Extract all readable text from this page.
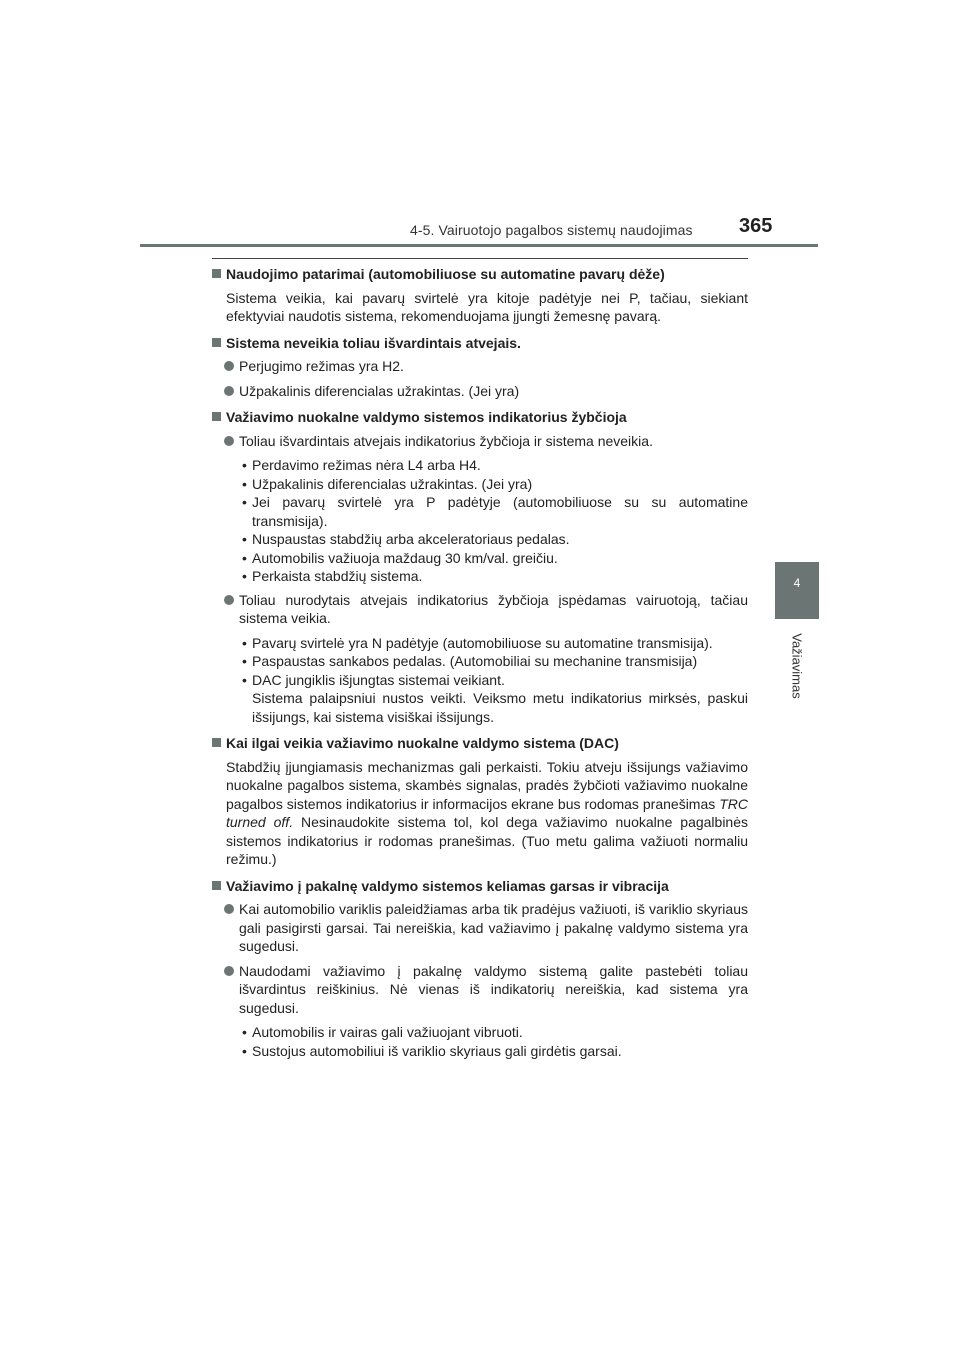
4-5. Vairuotojo pagalbos sistemų naudojimas 365
4
Važiavimas
Naudojimo patarimai (automobiliuose su automatine pavarų dėže)
Sistema veikia, kai pavarų svirtelė yra kitoje padėtyje nei P, tačiau, siekiant efektyviai naudotis sistema, rekomenduojama įjungti žemesnę pavarą.
Sistema neveikia toliau išvardintais atvejais.
Perjugimo režimas yra H2.
Užpakalinis diferencialas užrakintas. (Jei yra)
Važiavimo nuokalne valdymo sistemos indikatorius žybčioja
Toliau išvardintais atvejais indikatorius žybčioja ir sistema neveikia.
• Perdavimo režimas nėra L4 arba H4.
• Užpakalinis diferencialas užrakintas. (Jei yra)
• Jei pavarų svirtelė yra P padėtyje (automobiliuose su su automatine transmisija).
• Nuspaustas stabdžių arba akceleratoriaus pedalas.
• Automobilis važiuoja maždaug 30 km/val. greičiu.
• Perkaista stabdžių sistema.
Toliau nurodytais atvejais indikatorius žybčioja įspėdamas vairuotoją, tačiau sistema veikia.
• Pavarų svirtelė yra N padėtyje (automobiliuose su automatine transmisija).
• Paspaustas sankabos pedalas. (Automobiliai su mechanine transmisija)
• DAC jungiklis išjungtas sistemai veikiant.
Sistema palaipsniui nustos veikti. Veiksmo metu indikatorius mirksės, paskui išsijungs, kai sistema visiškai išsijungs.
Kai ilgai veikia važiavimo nuokalne valdymo sistema (DAC)
Stabdžių įjungiamasis mechanizmas gali perkaisti. Tokiu atveju išsijungs važiavimo nuokalne pagalbos sistema, skambės signalas, pradės žybčioti važiavimo nuokalne pagalbos sistemos indikatorius ir informacijos ekrane bus rodomas pranešimas TRC turned off. Nesinaudokite sistema tol, kol dega važiavimo nuokalne pagalbinės sistemos indikatorius ir rodomas pranešimas. (Tuo metu galima važiuoti normaliu režimu.)
Važiavimo į pakalnę valdymo sistemos keliamas garsas ir vibracija
Kai automobilio variklis paleidžiamas arba tik pradėjus važiuoti, iš variklio skyriaus gali pasigirsti garsai. Tai nereiškia, kad važiavimo į pakalnę valdymo sistema yra sugedusi.
Naudodami važiavimo į pakalnę valdymo sistemą galite pastebėti toliau išvardintus reiškinius. Nė vienas iš indikatorių nereiškia, kad sistema yra sugedusi.
• Automobilis ir vairas gali važiuojant vibruoti.
• Sustojus automobiliui iš variklio skyriaus gali girdėtis garsai.
